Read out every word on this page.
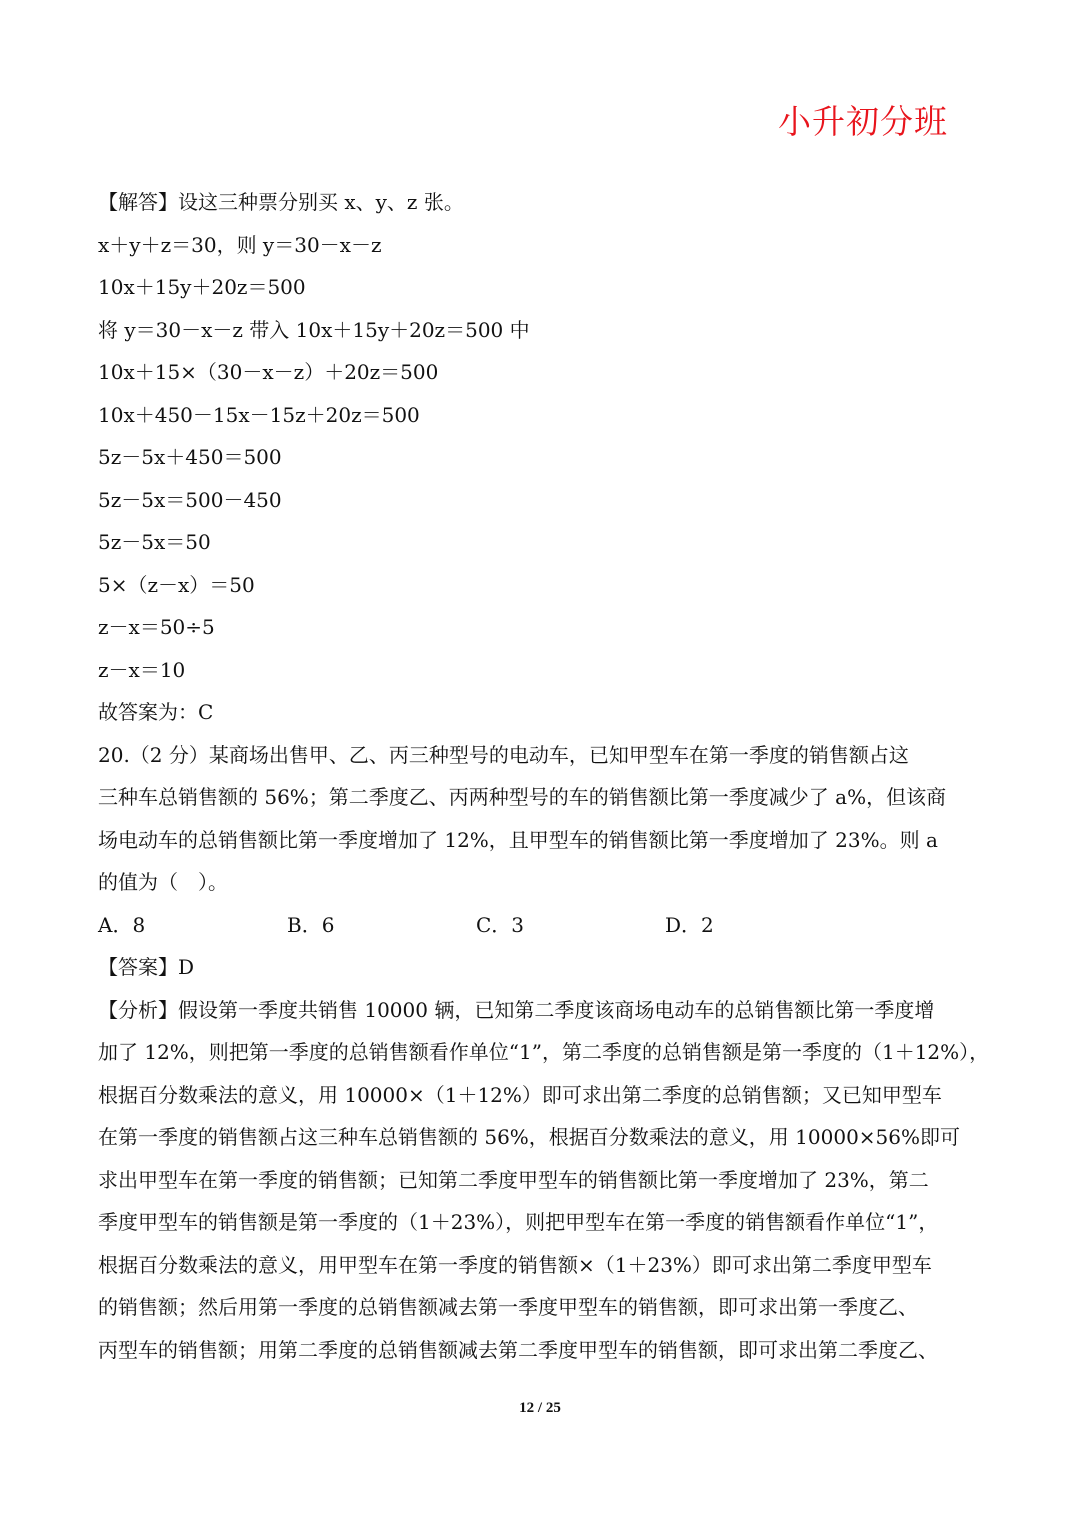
小升初分班
【解答】设这三种票分别买 x、y、z 张。
x＋y＋z＝30，则 y＝30－x－z
10x＋15y＋20z＝500
将 y＝30－x－z 带入 10x＋15y＋20z＝500 中
10x＋15×（30－x－z）＋20z＝500
10x＋450－15x－15z＋20z＝500
5z－5x＋450＝500
5z－5x＝500－450
5z－5x＝50
5×（z－x）＝50
z－x＝50÷5
z－x＝10
故答案为：C
20.（2 分）某商场出售甲、乙、丙三种型号的电动车，已知甲型车在第一季度的销售额占这
三种车总销售额的 56%；第二季度乙、丙两种型号的车的销售额比第一季度减少了 a%，但该商
场电动车的总销售额比第一季度增加了 12%，且甲型车的销售额比第一季度增加了 23%。则 a
的值为（　）。
A．8	B．6	C．3	D．2
【答案】D
【分析】假设第一季度共销售 10000 辆，已知第二季度该商场电动车的总销售额比第一季度增
加了 12%，则把第一季度的总销售额看作单位“1”，第二季度的总销售额是第一季度的（1＋12%），
根据百分数乘法的意义，用 10000×（1＋12%）即可求出第二季度的总销售额；又已知甲型车
在第一季度的销售额占这三种车总销售额的 56%，根据百分数乘法的意义，用 10000×56%即可
求出甲型车在第一季度的销售额；已知第二季度甲型车的销售额比第一季度增加了 23%，第二
季度甲型车的销售额是第一季度的（1＋23%），则把甲型车在第一季度的销售额看作单位“1”，
根据百分数乘法的意义，用甲型车在第一季度的销售额×（1＋23%）即可求出第二季度甲型车
的销售额；然后用第一季度的总销售额减去第一季度甲型车的销售额，即可求出第一季度乙、
丙型车的销售额；用第二季度的总销售额减去第二季度甲型车的销售额，即可求出第二季度乙、
12 / 25
